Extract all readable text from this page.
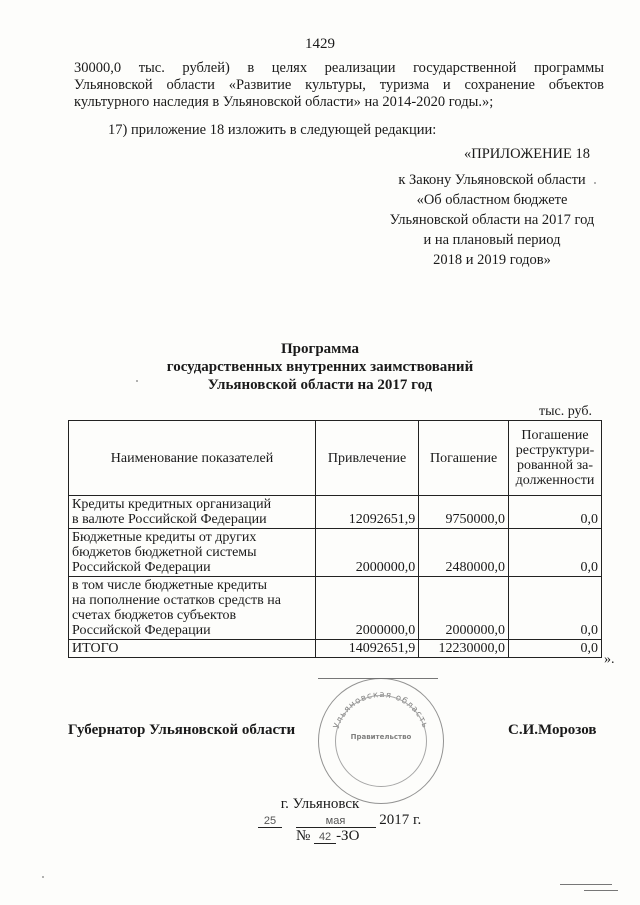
1429
30000,0 тыс. рублей) в целях реализации государственной программы
Ульяновской области «Развитие культуры, туризма и сохранение объектов
культурного наследия в Ульяновской области» на 2014-2020 годы.»;
17) приложение 18 изложить в следующей редакции:
«ПРИЛОЖЕНИЕ 18
к Закону Ульяновской области
«Об областном бюджете
Ульяновской области на 2017 год
и на плановый период
2018 и 2019 годов»
Программа
государственных внутренних заимствований
Ульяновской области на 2017 год
тыс. руб.
Наименование показателей	Привлечение	Погашение	Погашение
реструктури-
рованной за-
долженности

Кредиты кредитных организаций
в валюте Российской Федерации	12092651,9	9750000,0	0,0

Бюджетные кредиты от других
бюджетов бюджетной системы
Российской Федерации	2000000,0	2480000,0	0,0

в том числе бюджетные кредиты
на пополнение остатков средств на
счетах бюджетов субъектов
Российской Федерации	2000000,0	2000000,0	0,0

ИТОГО	14092651,9	12230000,0	0,0
».
Ульяновская область
Правительство
Губернатор Ульяновской области	С.И.Морозов
г. Ульяновск
25	мая 2017 г.
№ 42 -ЗО
